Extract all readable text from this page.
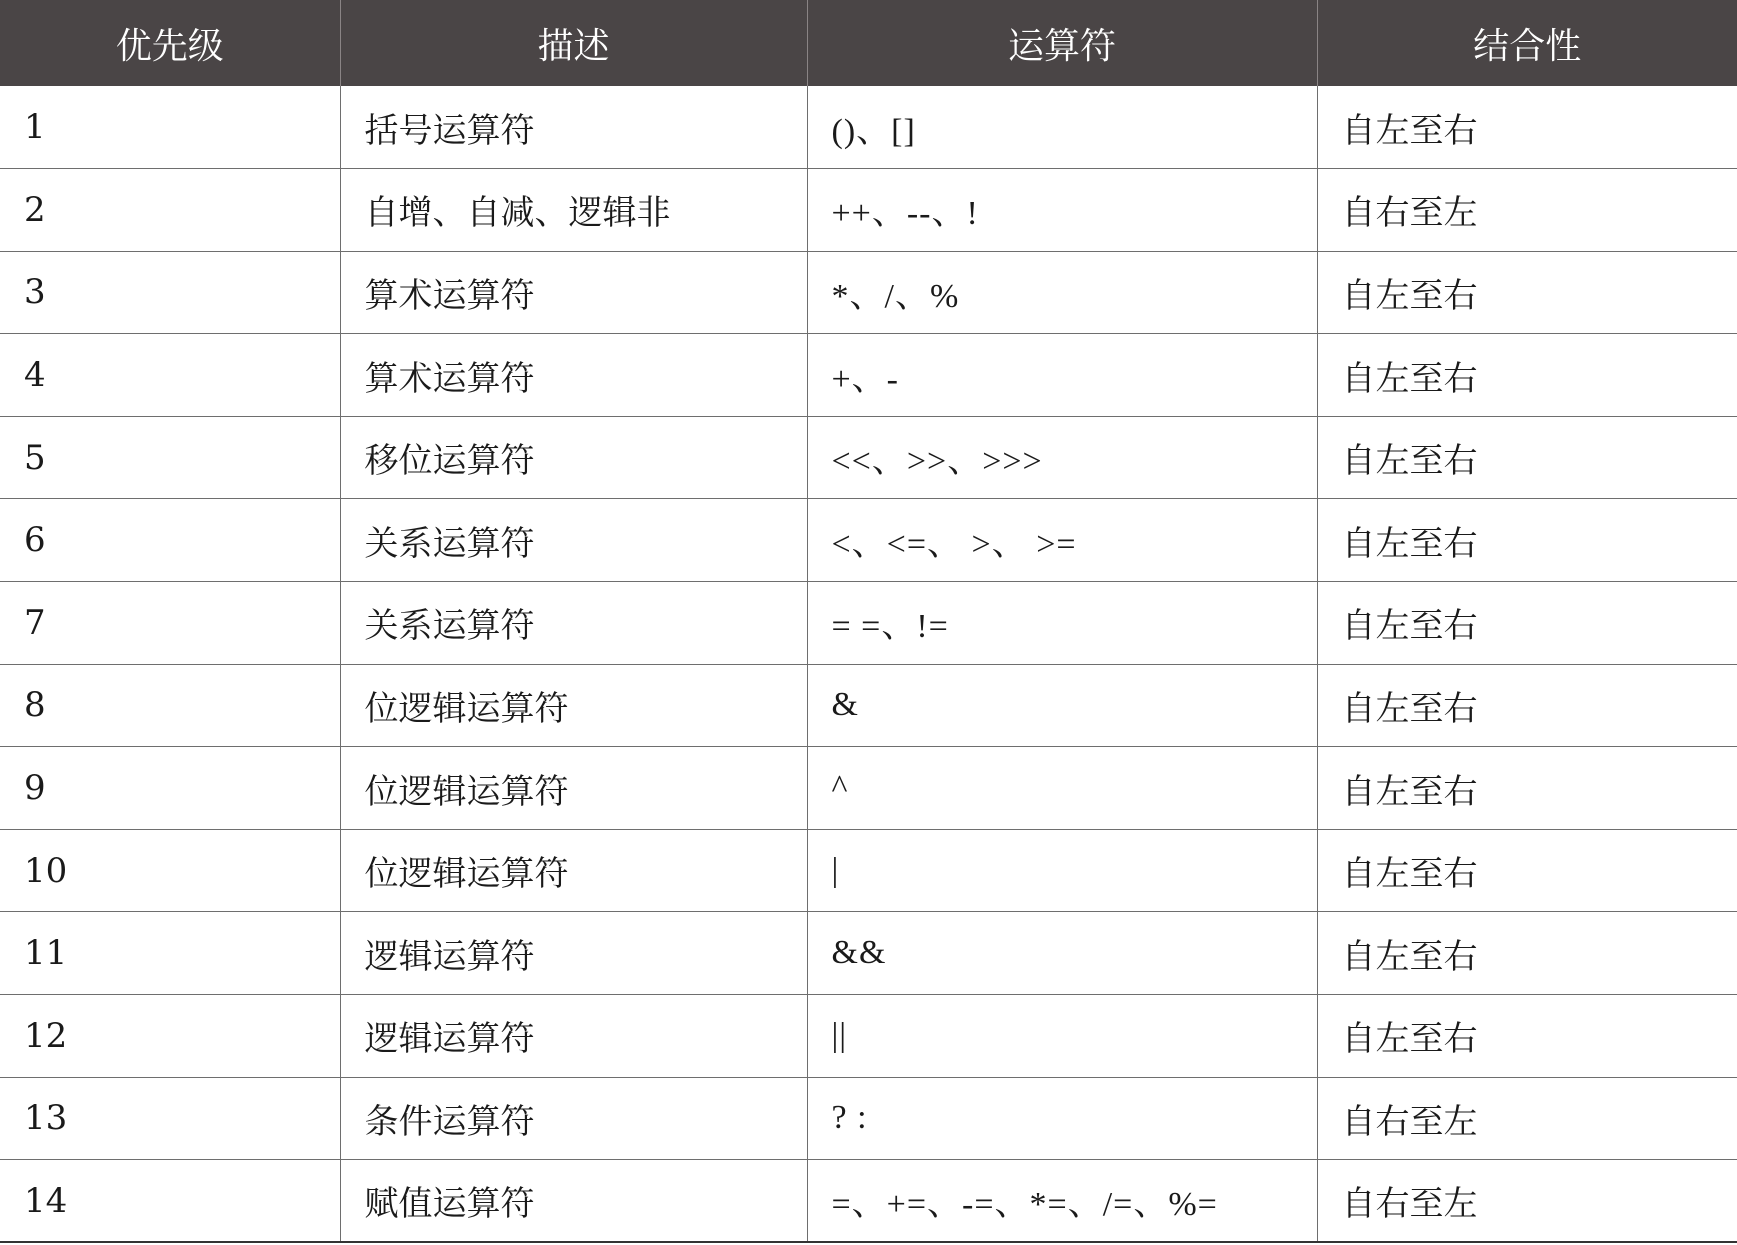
优先级	描述	运算符	结合性
1	括号运算符	()、[]	自左至右
2	自增、自减、逻辑非	++、--、!	自右至左
3	算术运算符	*、/、%	自左至右
4	算术运算符	+、-	自左至右
5	移位运算符	<<、>>、>>>	自左至右
6	关系运算符	<、<=、 >、 >=	自左至右
7	关系运算符	= =、!=	自左至右
8	位逻辑运算符	&	自左至右
9	位逻辑运算符	^	自左至右
10	位逻辑运算符	|	自左至右
11	逻辑运算符	&&	自左至右
12	逻辑运算符	||	自左至右
13	条件运算符	? :	自右至左
14	赋值运算符	=、+=、-=、*=、/=、%=	自右至左
